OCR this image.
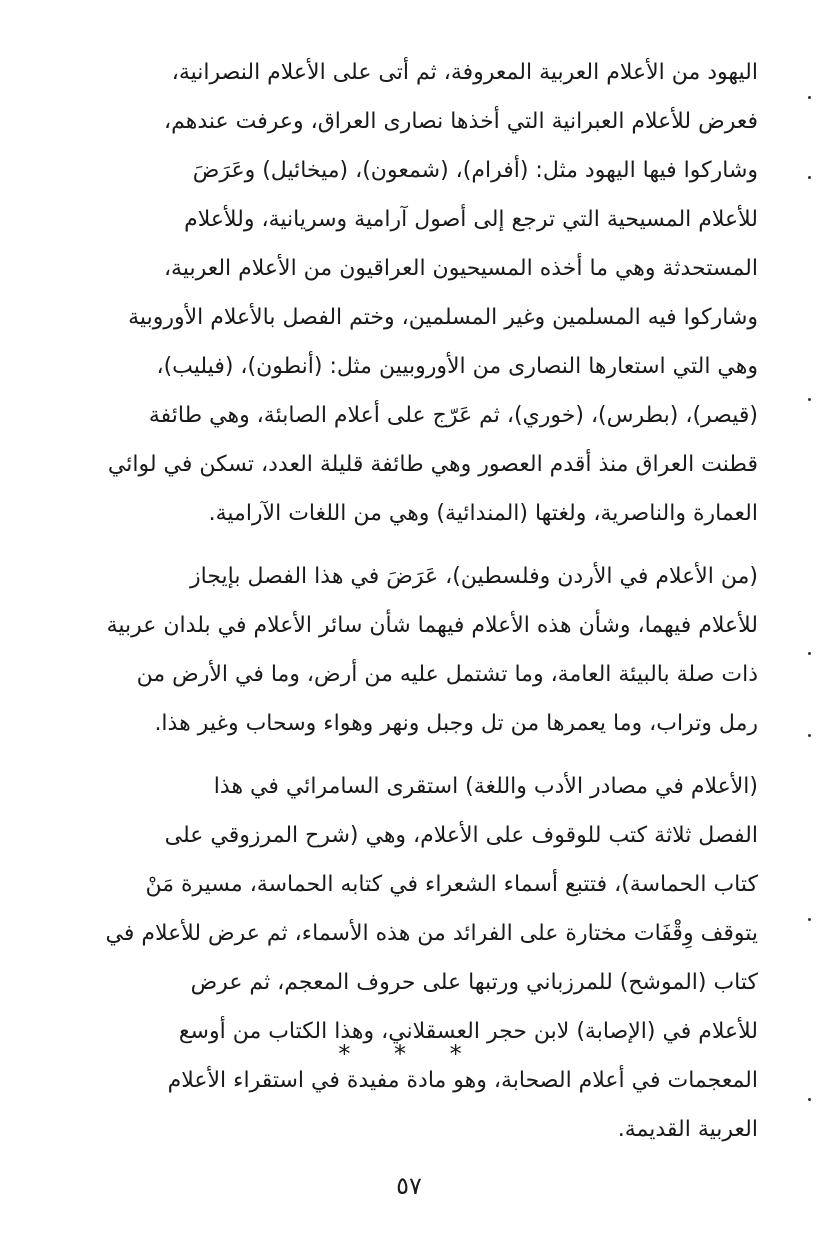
اليهود من الأعلام العربية المعروفة، ثم أتى على الأعلام النصرانية،
فعرض للأعلام العبرانية التي أخذها نصارى العراق، وعرفت عندهم،
وشاركوا فيها اليهود مثل: (أفرام)، (شمعون)، (ميخائيل) وعَرَضَ
للأعلام المسيحية التي ترجع إلى أصول آرامية وسريانية، وللأعلام
المستحدثة وهي ما أخذه المسيحيون العراقيون من الأعلام العربية،
وشاركوا فيه المسلمين وغير المسلمين، وختم الفصل بالأعلام الأوروبية
وهي التي استعارها النصارى من الأوروبيين مثل: (أنطون)، (فيليب)،
(قيصر)، (بطرس)، (خوري)، ثم عَرّج على أعلام الصابئة، وهي طائفة
قطنت العراق منذ أقدم العصور وهي طائفة قليلة العدد، تسكن في لوائي
العمارة والناصرية، ولغتها (المندائية) وهي من اللغات الآرامية.
(من الأعلام في الأردن وفلسطين)، عَرَضَ في هذا الفصل بإيجاز
للأعلام فيهما، وشأن هذه الأعلام فيهما شأن سائر الأعلام في بلدان عربية
ذات صلة بالبيئة العامة، وما تشتمل عليه من أرض، وما في الأرض من
رمل وتراب، وما يعمرها من تل وجبل ونهر وهواء وسحاب وغير هذا.
(الأعلام في مصادر الأدب واللغة) استقرى السامرائي في هذا
الفصل ثلاثة كتب للوقوف على الأعلام، وهي (شرح المرزوقي على
كتاب الحماسة)، فتتبع أسماء الشعراء في كتابه الحماسة، مسيرة مَنْ
يتوقف وِقْفَات مختارة على الفرائد من هذه الأسماء، ثم عرض للأعلام في
كتاب (الموشح) للمرزباني ورتبها على حروف المعجم، ثم عرض
للأعلام في (الإصابة) لابن حجر العسقلاني، وهذا الكتاب من أوسع
المعجمات في أعلام الصحابة، وهو مادة مفيدة في استقراء الأعلام
العربية القديمة.
* * *
٥٧
